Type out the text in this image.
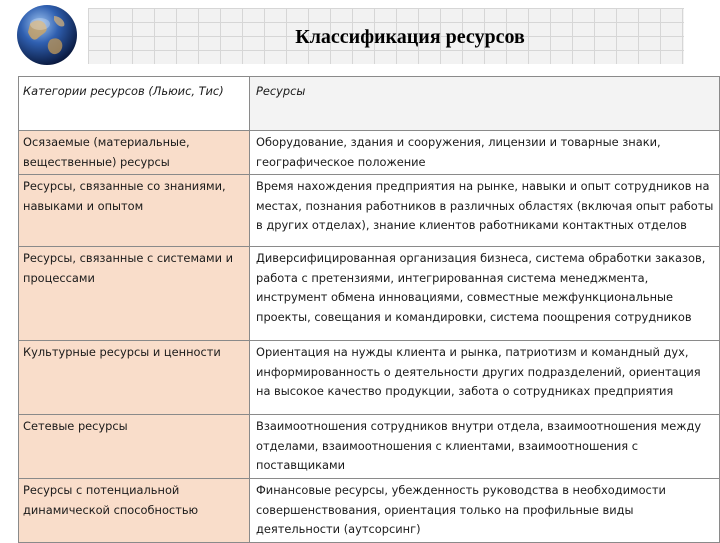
Классификация ресурсов
Категории ресурсов (Льюис, Тис)	Ресурсы
Осязаемые (материальные, вещественные) ресурсы	Оборудование, здания и сооружения, лицензии и товарные знаки, географическое положение
Ресурсы, связанные со знаниями, навыками и опытом	Время нахождения предприятия на рынке, навыки и опыт сотрудников на местах, познания работников в различных областях (включая опыт работы в других отделах), знание клиентов работниками контактных отделов
Ресурсы, связанные с системами и процессами	Диверсифицированная организация бизнеса, система обработки заказов, работа с претензиями, интегрированная система менеджмента, инструмент обмена инновациями, совместные межфункциональные проекты, совещания и командировки, система поощрения сотрудников
Культурные ресурсы и ценности	Ориентация на нужды клиента и рынка, патриотизм и командный дух, информированность о деятельности других подразделений, ориентация на высокое качество продукции, забота о сотрудниках предприятия
Сетевые ресурсы	Взаимоотношения сотрудников внутри отдела, взаимоотношения между отделами, взаимоотношения с клиентами, взаимоотношения с поставщиками
Ресурсы с потенциальной динамической способностью	Финансовые ресурсы, убежденность руководства в необходимости совершенствования, ориентация только на профильные виды деятельности (аутсорсинг)
